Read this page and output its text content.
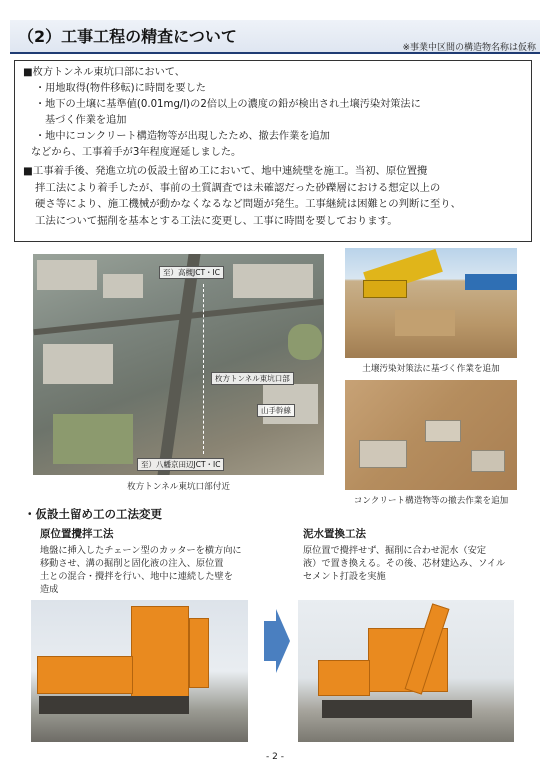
（2）工事工程の精査について
※事業中区間の構造物名称は仮称

■枚方トンネル東坑口部において、

・用地取得(物件移転)に時間を要した

・地下の土壌に基準値(0.01mg/l)の2倍以上の濃度の鉛が検出され土壌汚染対策法に

基づく作業を追加

・地中にコンクリート構造物等が出現したため、撤去作業を追加

などから、工事着手が3年程度遅延しました。

■工事着手後、発進立坑の仮設土留め工において、地中連続壁を施工。当初、原位置攪

拌工法により着手したが、事前の土質調査では未確認だった砂礫層における想定以上の

硬さ等により、施工機械が動かなくなるなど問題が発生。工事継続は困難との判断に至り、

工法について掘削を基本とする工法に変更し、工事に時間を要しております。

至）高槻JCT・IC
枚方トンネル東坑口部
山手幹線
至）八幡京田辺JCT・IC
枚方トンネル東坑口部付近
土壌汚染対策法に基づく作業を追加
コンクリート構造物等の撤去作業を追加
・仮設土留め工の工法変更
原位置攪拌工法

地盤に挿入したチェーン型のカッターを横方向に

移動させ、溝の掘削と固化液の注入、原位置

土との混合・攪拌を行い、地中に連続した壁を

造成

泥水置換工法

原位置で攪拌せず、掘削に合わせ泥水（安定

液）で置き換える。その後、芯材建込み、ソイル

セメント打設を実施

- 2 -
